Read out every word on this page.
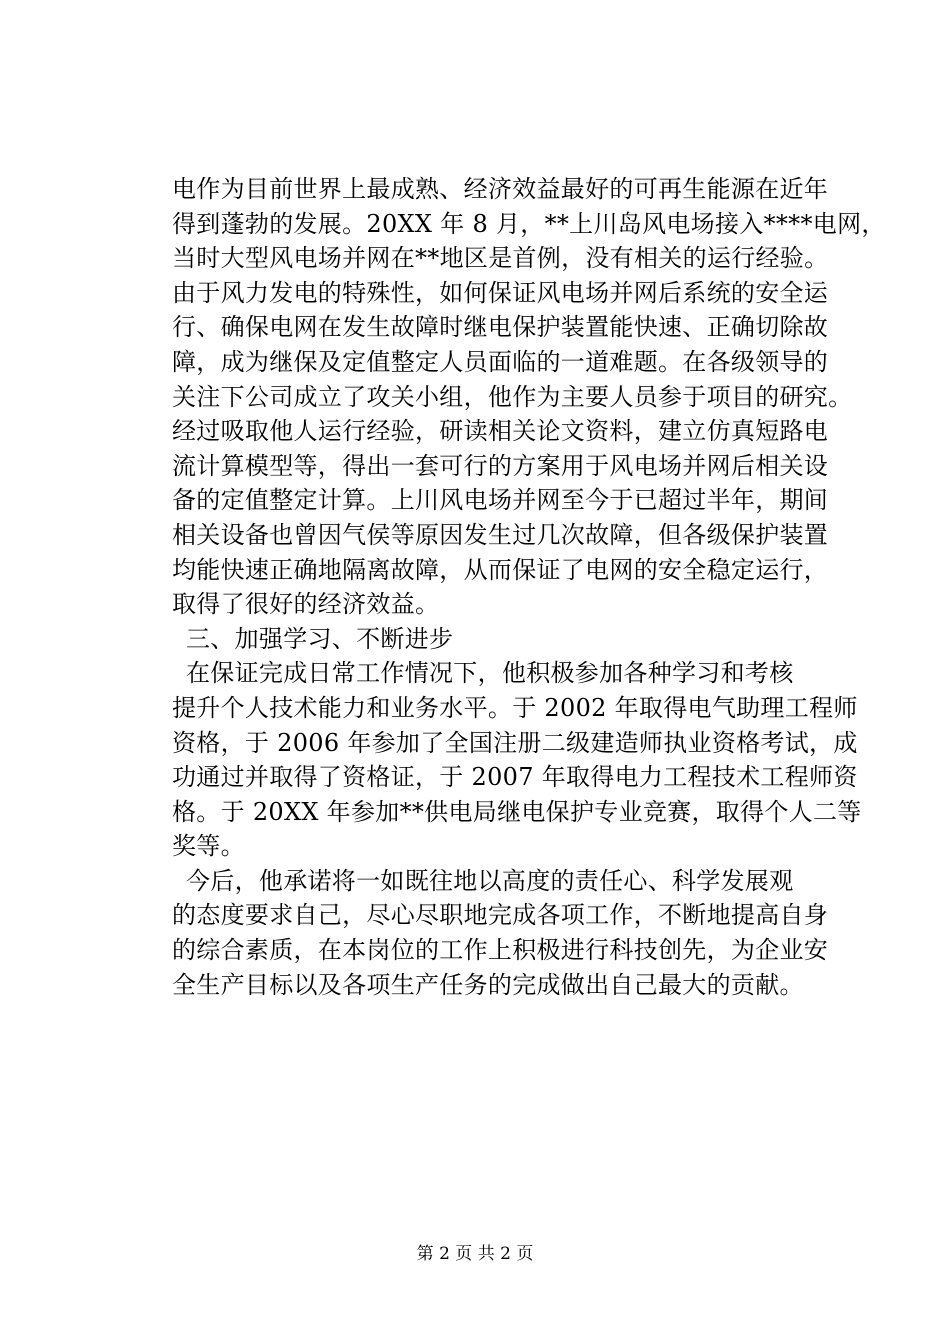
电作为目前世界上最成熟、经济效益最好的可再生能源在近年
得到蓬勃的发展。20XX 年 8 月，**上川岛风电场接入****电网，
当时大型风电场并网在**地区是首例，没有相关的运行经验。
由于风力发电的特殊性，如何保证风电场并网后系统的安全运
行、确保电网在发生故障时继电保护装置能快速、正确切除故
障，成为继保及定值整定人员面临的一道难题。在各级领导的
关注下公司成立了攻关小组，他作为主要人员参于项目的研究。
经过吸取他人运行经验，研读相关论文资料，建立仿真短路电
流计算模型等，得出一套可行的方案用于风电场并网后相关设
备的定值整定计算。上川风电场并网至今于已超过半年，期间
相关设备也曾因气侯等原因发生过几次故障，但各级保护装置
均能快速正确地隔离故障，从而保证了电网的安全稳定运行，
取得了很好的经济效益。
三、加强学习、不断进步
在保证完成日常工作情况下，他积极参加各种学习和考核
提升个人技术能力和业务水平。于 2002 年取得电气助理工程师
资格，于 2006 年参加了全国注册二级建造师执业资格考试，成
功通过并取得了资格证，于 2007 年取得电力工程技术工程师资
格。于 20XX 年参加**供电局继电保护专业竞赛，取得个人二等
奖等。
今后，他承诺将一如既往地以高度的责任心、科学发展观
的态度要求自己，尽心尽职地完成各项工作，不断地提高自身
的综合素质，在本岗位的工作上积极进行科技创先，为企业安
全生产目标以及各项生产任务的完成做出自己最大的贡献。
第 2 页 共 2 页
